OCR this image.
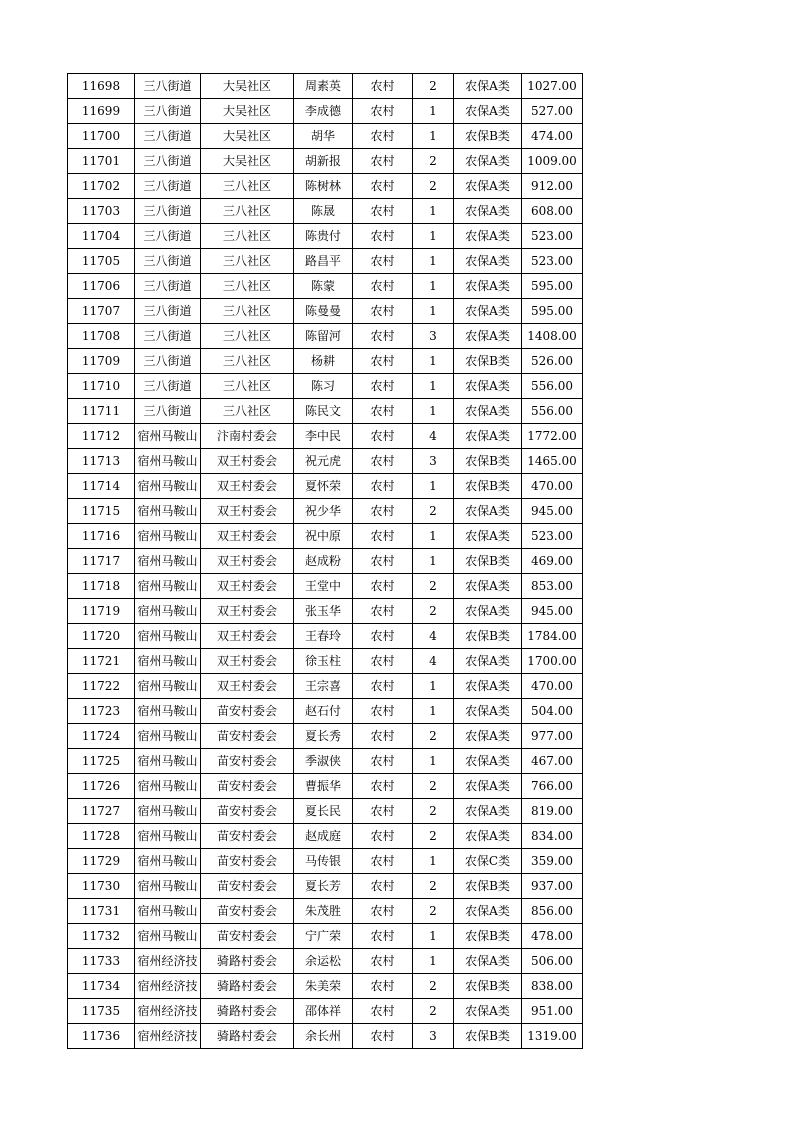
11698	三八街道	大吴社区	周素英	农村	2	农保A类	1027.00
11699	三八街道	大吴社区	李成德	农村	1	农保A类	527.00
11700	三八街道	大吴社区	胡华	农村	1	农保B类	474.00
11701	三八街道	大吴社区	胡新报	农村	2	农保A类	1009.00
11702	三八街道	三八社区	陈树林	农村	2	农保A类	912.00
11703	三八街道	三八社区	陈晟	农村	1	农保A类	608.00
11704	三八街道	三八社区	陈贵付	农村	1	农保A类	523.00
11705	三八街道	三八社区	路昌平	农村	1	农保A类	523.00
11706	三八街道	三八社区	陈蒙	农村	1	农保A类	595.00
11707	三八街道	三八社区	陈曼曼	农村	1	农保A类	595.00
11708	三八街道	三八社区	陈留河	农村	3	农保A类	1408.00
11709	三八街道	三八社区	杨耕	农村	1	农保B类	526.00
11710	三八街道	三八社区	陈习	农村	1	农保A类	556.00
11711	三八街道	三八社区	陈民文	农村	1	农保A类	556.00
11712	宿州马鞍山	汴南村委会	李中民	农村	4	农保A类	1772.00
11713	宿州马鞍山	双王村委会	祝元虎	农村	3	农保B类	1465.00
11714	宿州马鞍山	双王村委会	夏怀荣	农村	1	农保B类	470.00
11715	宿州马鞍山	双王村委会	祝少华	农村	2	农保A类	945.00
11716	宿州马鞍山	双王村委会	祝中原	农村	1	农保A类	523.00
11717	宿州马鞍山	双王村委会	赵成粉	农村	1	农保B类	469.00
11718	宿州马鞍山	双王村委会	王堂中	农村	2	农保A类	853.00
11719	宿州马鞍山	双王村委会	张玉华	农村	2	农保A类	945.00
11720	宿州马鞍山	双王村委会	王春玲	农村	4	农保B类	1784.00
11721	宿州马鞍山	双王村委会	徐玉柱	农村	4	农保A类	1700.00
11722	宿州马鞍山	双王村委会	王宗喜	农村	1	农保A类	470.00
11723	宿州马鞍山	苗安村委会	赵石付	农村	1	农保A类	504.00
11724	宿州马鞍山	苗安村委会	夏长秀	农村	2	农保A类	977.00
11725	宿州马鞍山	苗安村委会	季淑侠	农村	1	农保A类	467.00
11726	宿州马鞍山	苗安村委会	曹振华	农村	2	农保A类	766.00
11727	宿州马鞍山	苗安村委会	夏长民	农村	2	农保A类	819.00
11728	宿州马鞍山	苗安村委会	赵成庭	农村	2	农保A类	834.00
11729	宿州马鞍山	苗安村委会	马传银	农村	1	农保C类	359.00
11730	宿州马鞍山	苗安村委会	夏长芳	农村	2	农保B类	937.00
11731	宿州马鞍山	苗安村委会	朱茂胜	农村	2	农保A类	856.00
11732	宿州马鞍山	苗安村委会	宁广荣	农村	1	农保B类	478.00
11733	宿州经济技	骑路村委会	余运松	农村	1	农保A类	506.00
11734	宿州经济技	骑路村委会	朱美荣	农村	2	农保B类	838.00
11735	宿州经济技	骑路村委会	邵体祥	农村	2	农保A类	951.00
11736	宿州经济技	骑路村委会	余长州	农村	3	农保B类	1319.00
